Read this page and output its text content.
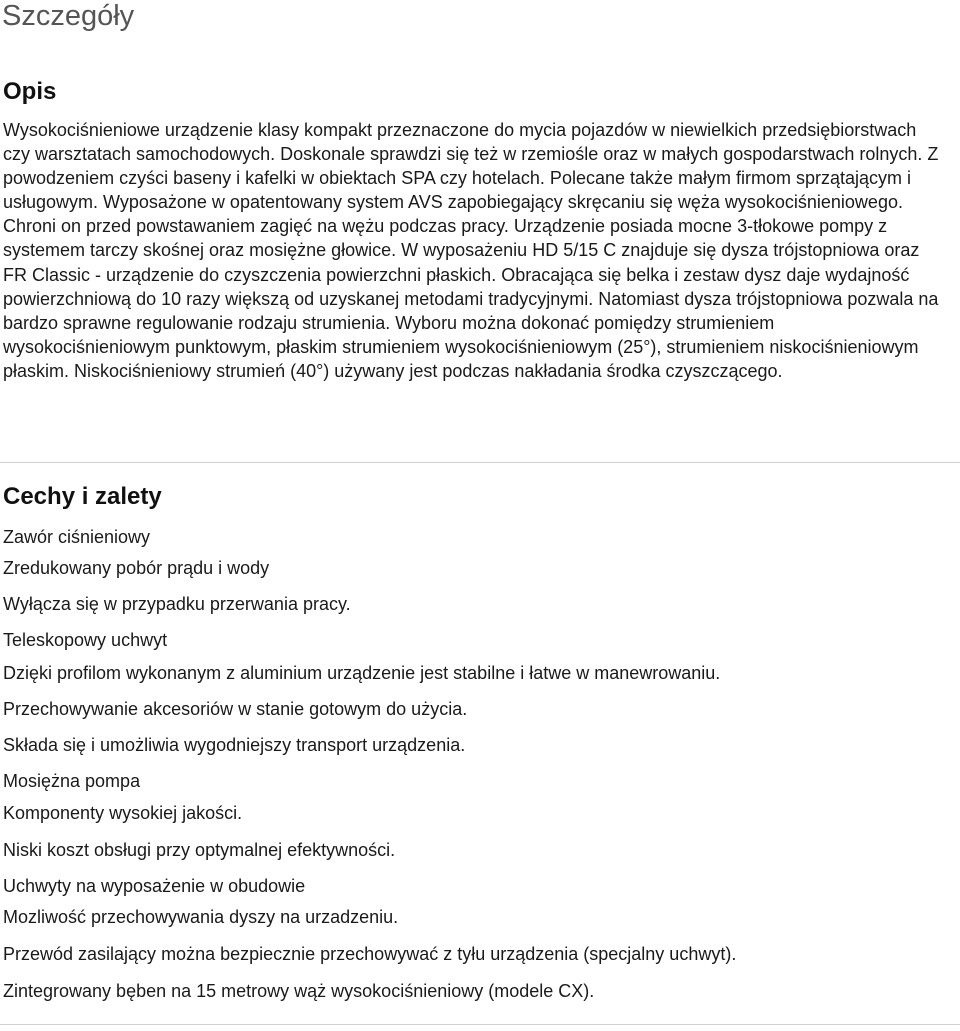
Szczegóły
Opis

Wysokociśnieniowe urządzenie klasy kompakt przeznaczone do mycia pojazdów w niewielkich przedsiębiorstwach czy warsztatach samochodowych. Doskonale sprawdzi się też w rzemiośle oraz w małych gospodarstwach rolnych. Z powodzeniem czyści baseny i kafelki w obiektach SPA czy hotelach. Polecane także małym firmom sprzątającym i usługowym. Wyposażone w opatentowany system AVS zapobiegający skręcaniu się węża wysokociśnieniowego. Chroni on przed powstawaniem zagięć na wężu podczas pracy. Urządzenie posiada mocne 3-tłokowe pompy z systemem tarczy skośnej oraz mosiężne głowice. W wyposażeniu HD 5/15 C znajduje się dysza trójstopniowa oraz FR Classic - urządzenie do czyszczenia powierzchni płaskich. Obracająca się belka i zestaw dysz daje wydajność powierzchniową do 10 razy większą od uzyskanej metodami tradycyjnymi. Natomiast dysza trójstopniowa pozwala na bardzo sprawne regulowanie rodzaju strumienia. Wyboru można dokonać pomiędzy strumieniem wysokociśnieniowym punktowym, płaskim strumieniem wysokociśnieniowym (25°), strumieniem niskociśnieniowym płaskim. Niskociśnieniowy strumień (40°) używany jest podczas nakładania środka czyszczącego.

Cechy i zalety
Zawór ciśnieniowy
Zredukowany pobór prądu i wody
Wyłącza się w przypadku przerwania pracy.
Teleskopowy uchwyt
Dzięki profilom wykonanym z aluminium urządzenie jest stabilne i łatwe w manewrowaniu.
Przechowywanie akcesoriów w stanie gotowym do użycia.
Składa się i umożliwia wygodniejszy transport urządzenia.
Mosiężna pompa
Komponenty wysokiej jakości.
Niski koszt obsługi przy optymalnej efektywności.
Uchwyty na wyposażenie w obudowie
Mozliwość przechowywania dyszy na urzadzeniu.
Przewód zasilający można bezpiecznie przechowywać z tyłu urządzenia (specjalny uchwyt).
Zintegrowany bęben na 15 metrowy wąż wysokociśnieniowy (modele CX).
